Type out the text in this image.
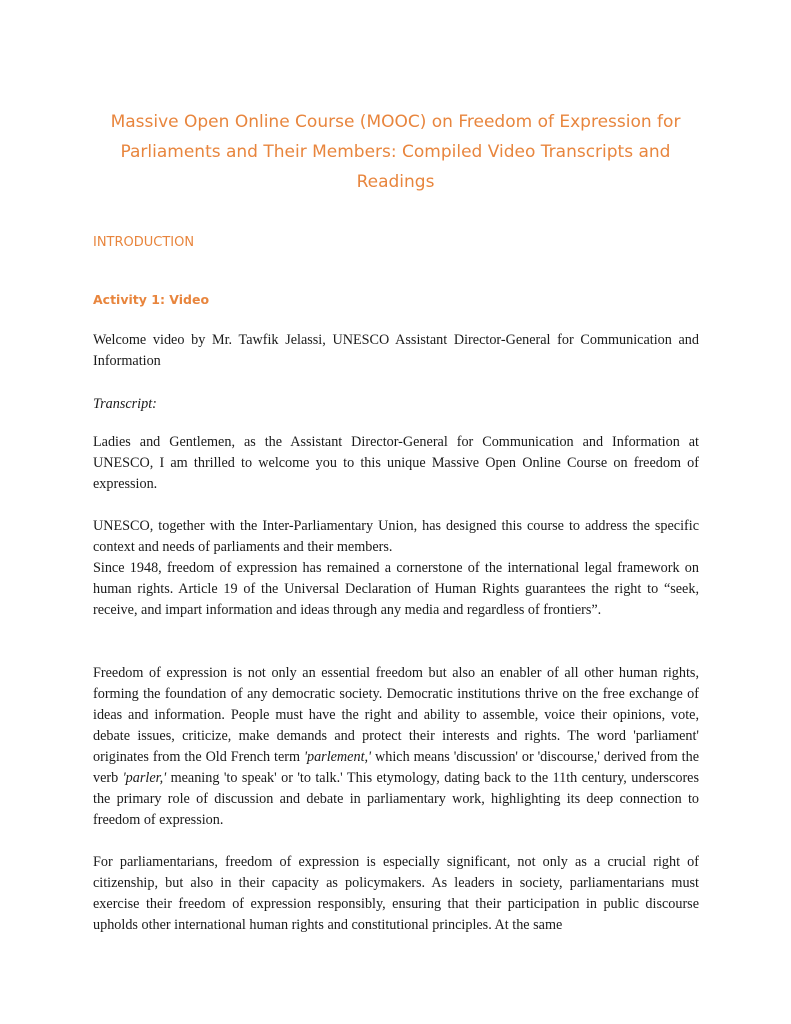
Massive Open Online Course (MOOC) on Freedom of Expression for Parliaments and Their Members: Compiled Video Transcripts and Readings
INTRODUCTION
Activity 1: Video

Welcome video by Mr. Tawfik Jelassi, UNESCO Assistant Director-General for Communication and Information

Transcript:

Ladies and Gentlemen, as the Assistant Director-General for Communication and Information at UNESCO, I am thrilled to welcome you to this unique Massive Open Online Course on freedom of expression.

UNESCO, together with the Inter-Parliamentary Union, has designed this course to address the specific context and needs of parliaments and their members.
Since 1948, freedom of expression has remained a cornerstone of the international legal framework on human rights. Article 19 of the Universal Declaration of Human Rights guarantees the right to “seek, receive, and impart information and ideas through any media and regardless of frontiers”.

Freedom of expression is not only an essential freedom but also an enabler of all other human rights, forming the foundation of any democratic society. Democratic institutions thrive on the free exchange of ideas and information. People must have the right and ability to assemble, voice their opinions, vote, debate issues, criticize, make demands and protect their interests and rights. The word 'parliament' originates from the Old French term 'parlement,' which means 'discussion' or 'discourse,' derived from the verb 'parler,' meaning 'to speak' or 'to talk.' This etymology, dating back to the 11th century, underscores the primary role of discussion and debate in parliamentary work, highlighting its deep connection to freedom of expression.

For parliamentarians, freedom of expression is especially significant, not only as a crucial right of citizenship, but also in their capacity as policymakers. As leaders in society, parliamentarians must exercise their freedom of expression responsibly, ensuring that their participation in public discourse upholds other international human rights and constitutional principles. At the same
